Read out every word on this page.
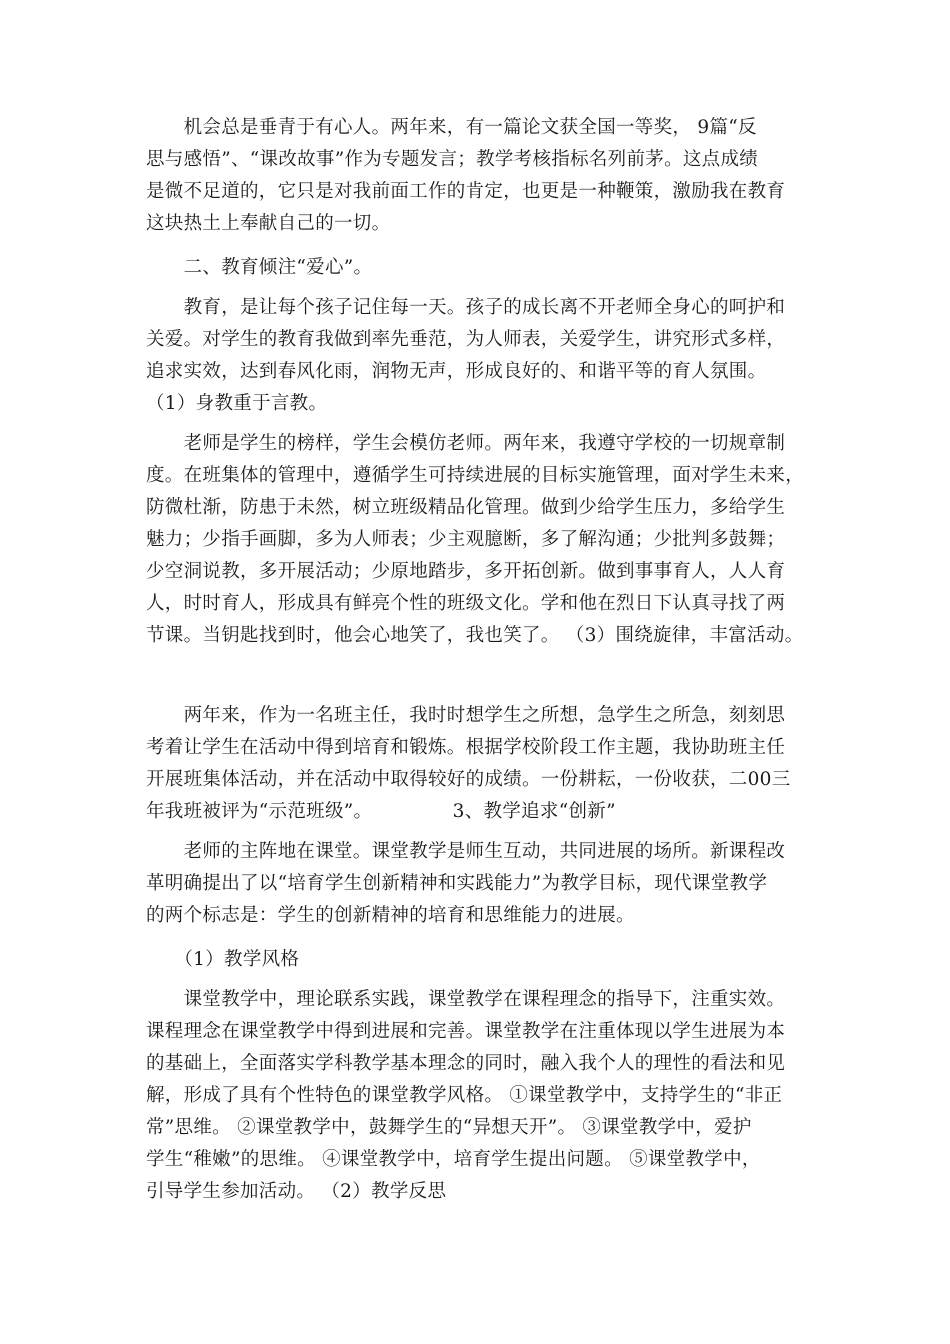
　　机会总是垂青于有心人。两年来，有一篇论文获全国一等奖， 9篇“反
思与感悟”、“课改故事”作为专题发言；教学考核指标名列前茅。这点成绩
是微不足道的，它只是对我前面工作的肯定，也更是一种鞭策，激励我在教育
这块热土上奉献自己的一切。
　　二、教育倾注“爱心”。
　　教育，是让每个孩子记住每一天。孩子的成长离不开老师全身心的呵护和
关爱。对学生的教育我做到率先垂范，为人师表，关爱学生，讲究形式多样，
追求实效，达到春风化雨，润物无声，形成良好的、和谐平等的育人氛围。
（1）身教重于言教。
　　老师是学生的榜样，学生会模仿老师。两年来，我遵守学校的一切规章制
度。在班集体的管理中，遵循学生可持续进展的目标实施管理，面对学生未来，
防微杜渐，防患于未然，树立班级精品化管理。做到少给学生压力，多给学生
魅力；少指手画脚，多为人师表；少主观臆断，多了解沟通；少批判多鼓舞；
少空洞说教，多开展活动；少原地踏步，多开拓创新。做到事事育人，人人育
人，时时育人，形成具有鲜亮个性的班级文化。学和他在烈日下认真寻找了两
节课。当钥匙找到时，他会心地笑了，我也笑了。 （3）围绕旋律，丰富活动。
　　两年来，作为一名班主任，我时时想学生之所想，急学生之所急，刻刻思
考着让学生在活动中得到培育和锻炼。根据学校阶段工作主题，我协助班主任
开展班集体活动，并在活动中取得较好的成绩。一份耕耘，一份收获，二00三
年我班被评为“示范班级”。             3、教学追求“创新”
　　老师的主阵地在课堂。课堂教学是师生互动，共同进展的场所。新课程改
革明确提出了以“培育学生创新精神和实践能力”为教学目标，现代课堂教学
的两个标志是：学生的创新精神的培育和思维能力的进展。
　　（1）教学风格
　　课堂教学中，理论联系实践，课堂教学在课程理念的指导下，注重实效。
课程理念在课堂教学中得到进展和完善。课堂教学在注重体现以学生进展为本
的基础上，全面落实学科教学基本理念的同时，融入我个人的理性的看法和见
解，形成了具有个性特色的课堂教学风格。 ①课堂教学中，支持学生的“非正
常”思维。 ②课堂教学中，鼓舞学生的“异想天开”。 ③课堂教学中，爱护
学生“稚嫩”的思维。 ④课堂教学中，培育学生提出问题。 ⑤课堂教学中，
引导学生参加活动。 （2）教学反思
